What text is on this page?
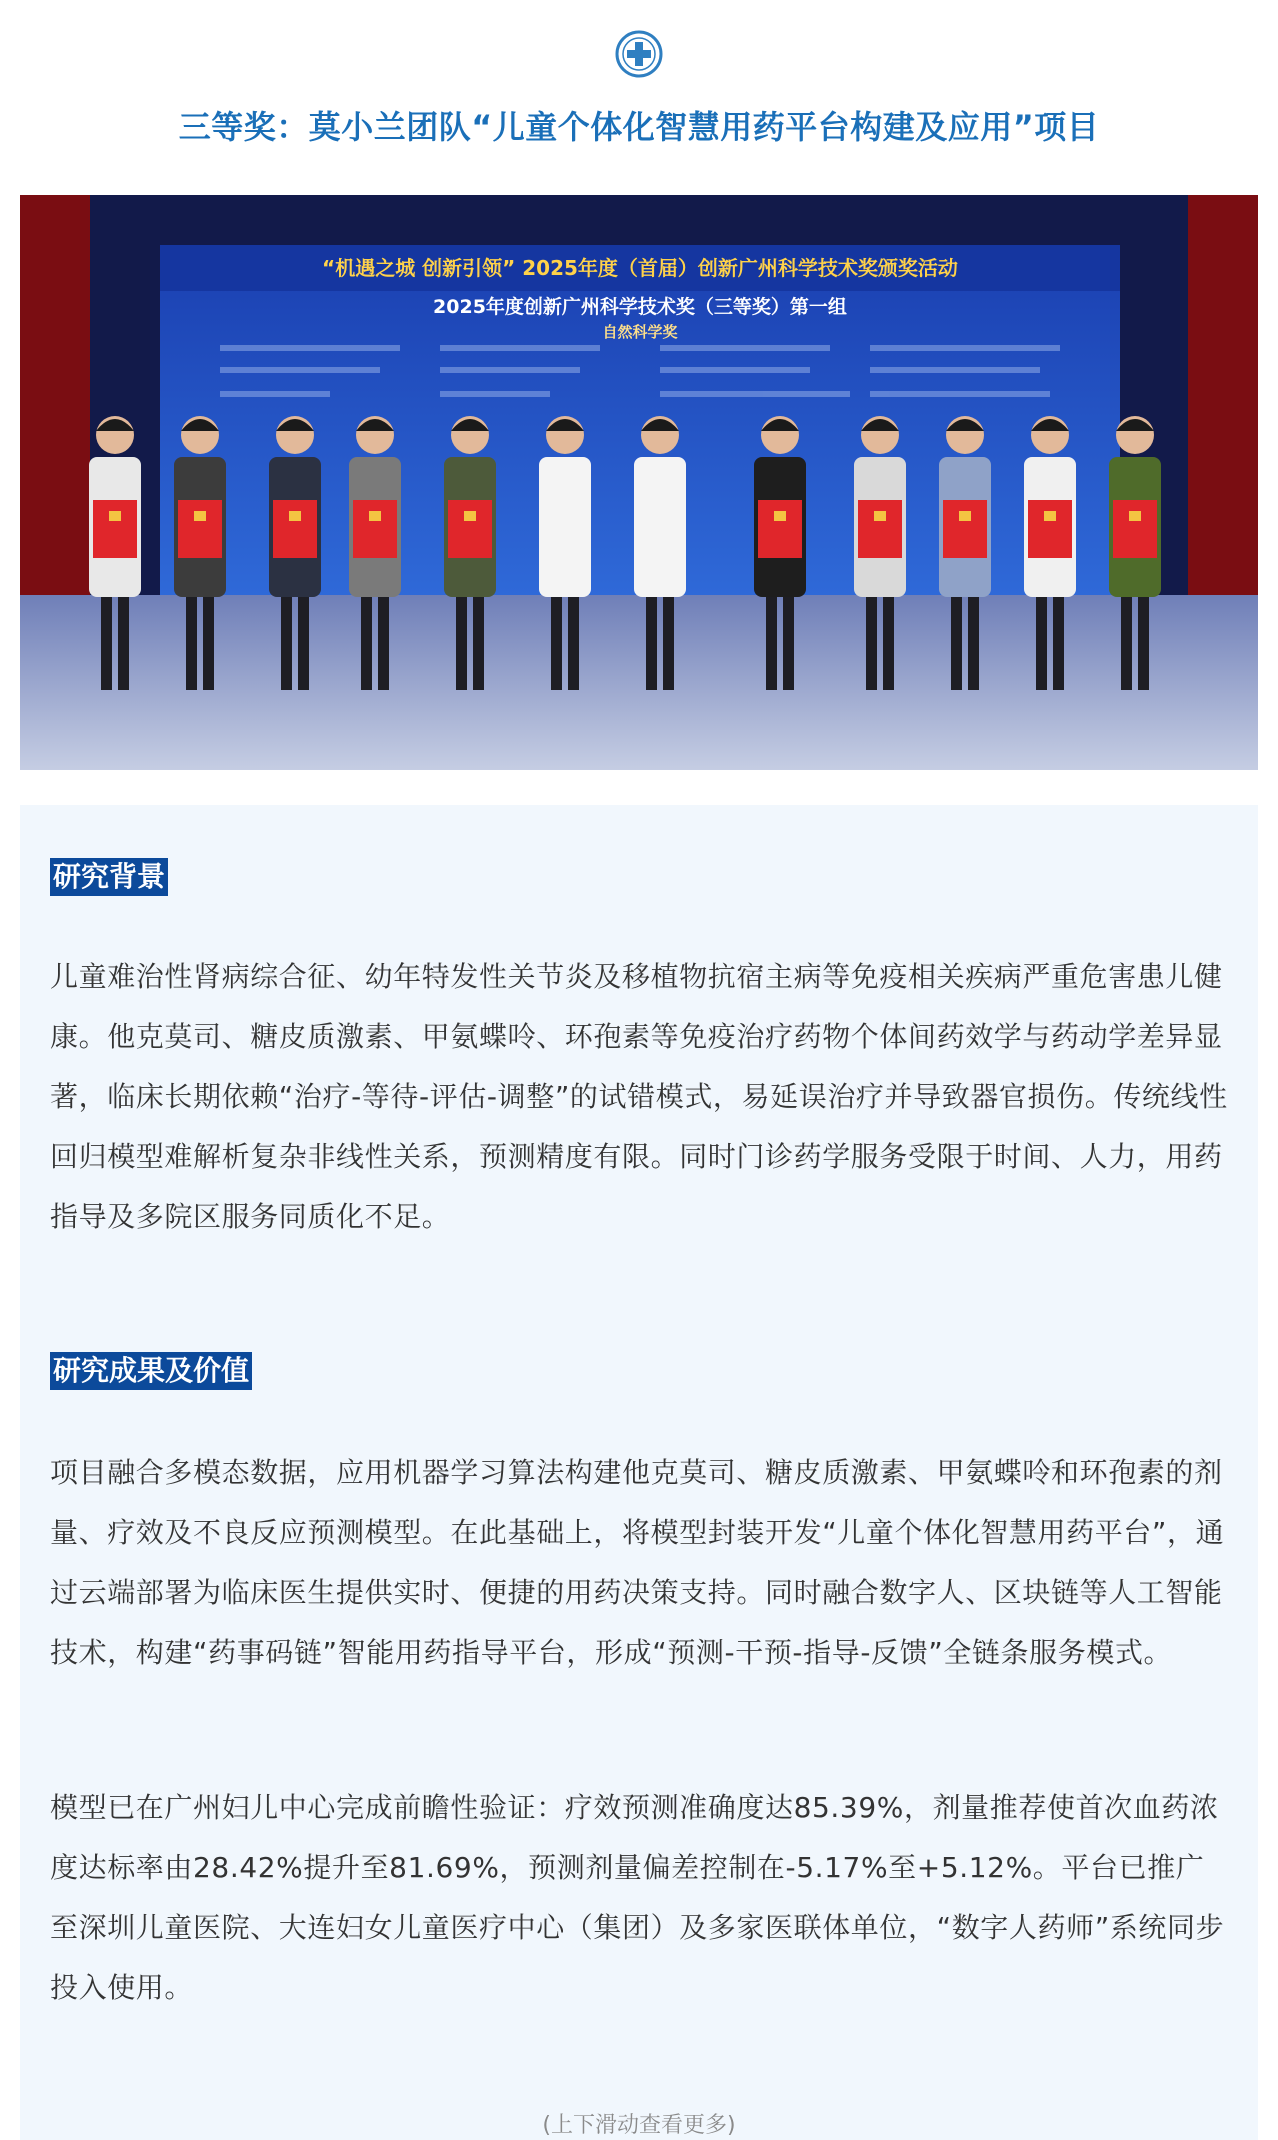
三等奖：莫小兰团队“儿童个体化智慧用药平台构建及应用”项目
“机遇之城 创新引领” 2025年度（首届）创新广州科学技术奖颁奖活动
2025年度创新广州科学技术奖（三等奖）第一组
自然科学奖
研究背景

儿童难治性肾病综合征、幼年特发性关节炎及移植物抗宿主病等免疫相关疾病严重危害患儿健康。他克莫司、糖皮质激素、甲氨蝶呤、环孢素等免疫治疗药物个体间药效学与药动学差异显著，临床长期依赖“治疗-等待-评估-调整”的试错模式，易延误治疗并导致器官损伤。传统线性回归模型难解析复杂非线性关系，预测精度有限。同时门诊药学服务受限于时间、人力，用药指导及多院区服务同质化不足。

研究成果及价值

项目融合多模态数据，应用机器学习算法构建他克莫司、糖皮质激素、甲氨蝶呤和环孢素的剂量、疗效及不良反应预测模型。在此基础上，将模型封装开发“儿童个体化智慧用药平台”，通过云端部署为临床医生提供实时、便捷的用药决策支持。同时融合数字人、区块链等人工智能技术，构建“药事码链”智能用药指导平台，形成“预测-干预-指导-反馈”全链条服务模式。

模型已在广州妇儿中心完成前瞻性验证：疗效预测准确度达85.39%，剂量推荐使首次血药浓度达标率由28.42%提升至81.69%，预测剂量偏差控制在-5.17%至+5.12%。平台已推广至深圳儿童医院、大连妇女儿童医疗中心（集团）及多家医联体单位，“数字人药师”系统同步投入使用。

(上下滑动查看更多)
